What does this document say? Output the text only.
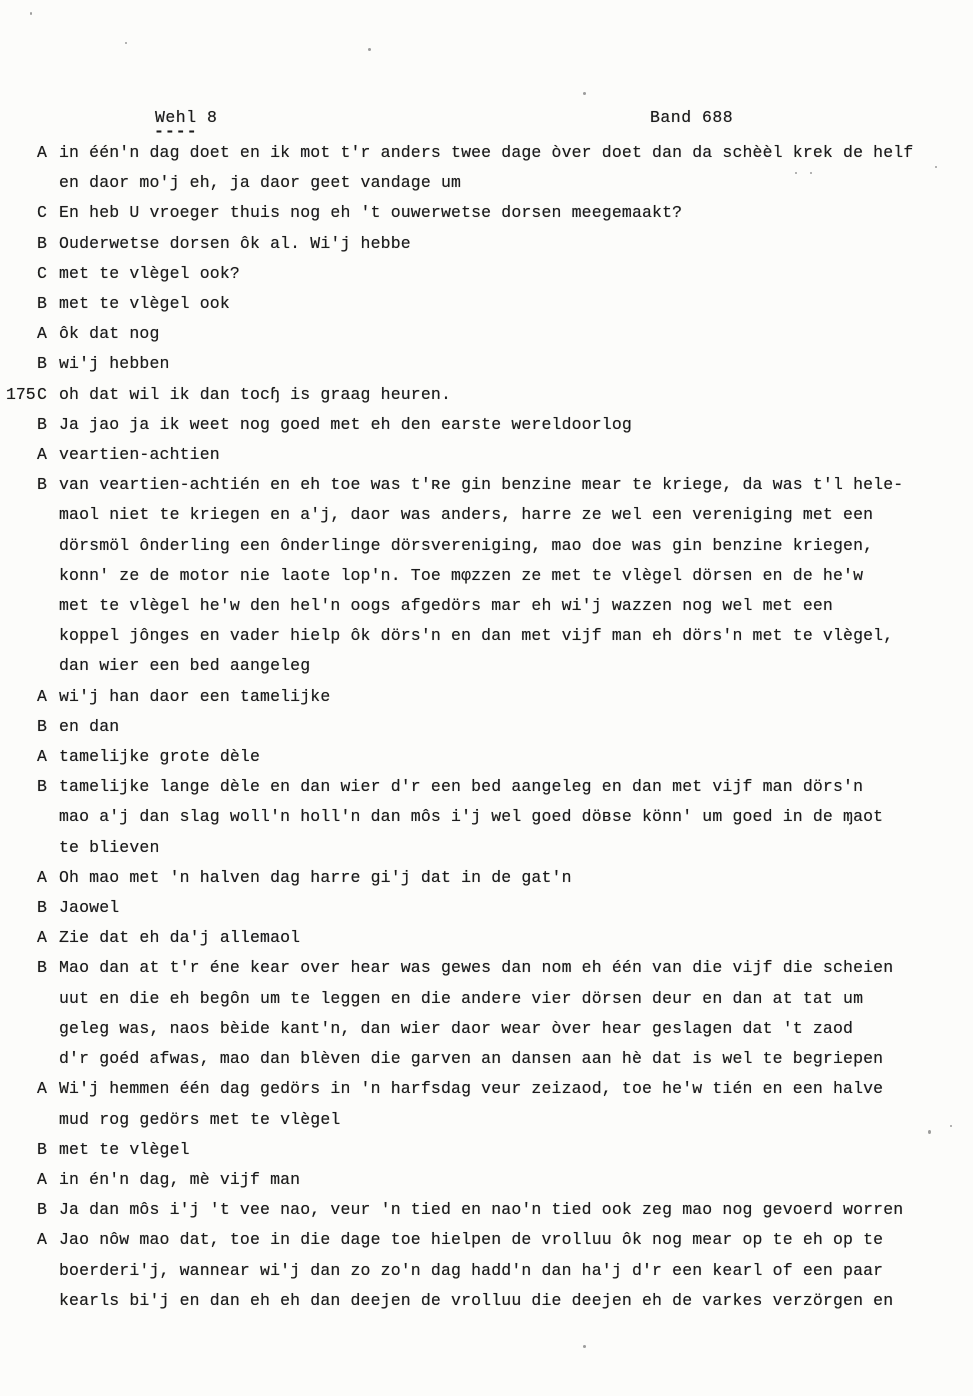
Wehl 8
----
Band 688
A in één'n dag doet en ik mot t'r anders twee dage òver doet dan da schèèl krek de helf
en daor mo'j eh, ja daor geet vandage um
C En heb U vroeger thuis nog eh 't ouwerwetse dorsen meegemaakt?
B Ouderwetse dorsen ôk al. Wi'j hebbe
C met te vlègel ook?
B met te vlègel ook
A ôk dat nog
B wi'j hebben
175 C oh dat wil ik dan tocɧ is graag heuren.
B Ja jao ja ik weet nog goed met eh den earste wereldoorlog
A veartien-achtien
B van veartien-achtién en eh toe was t'ʀe gin benzine mear te kriege, da was t'l hele-
maol niet te kriegen en a'j, daor was anders, harre ze wel een vereniging met een
dörsmöl ônderling een ônderlinge dörsvereniging, mao doe was gin benzine kriegen,
konn' ze de motor nie laote lop'n. Toe mφzzen ze met te vlègel dörsen en de he'w
met te vlègel he'w den hel'n oogs afgedörs mar eh wi'j wazzen nog wel met een
koppel jônges en vader hielp ôk dörs'n en dan met vijf man eh dörs'n met te vlègel,
dan wier een bed aangeleg
A wi'j han daor een tamelijke
B en dan
A tamelijke grote dèle
B tamelijke lange dèle en dan wier d'r een bed aangeleg en dan met vijf man dörs'n
mao a'j dan slag woll'n holl'n dan môs i'j wel goed döʙse könn' um goed in de ɱaot
te blieven
A Oh mao met 'n halven dag harre gi'j dat in de gat'n
B Jaowel
A Zie dat eh da'j allemaol
B Mao dan at t'r éne kear over hear was gewes dan nom eh één van die vijf die scheien
uut en die eh begôn um te leggen en die andere vier dörsen deur en dan at tat um
geleg was, naos bèide kant'n, dan wier daor wear òver hear geslagen dat 't zaod
d'r goéd afwas, mao dan blèven die garven an dansen aan hè dat is wel te begriepen
A Wi'j hemmen één dag gedörs in 'n harfsdag veur zeizaod, toe he'w tién en een halve
mud rog gedörs met te vlègel
B met te vlègel
A in én'n dag, mè vijf man
B Ja dan môs i'j 't vee nao, veur 'n tied en nao'n tied ook zeg mao nog gevoerd worren
A Jao nôw mao dat, toe in die dage toe hielpen de vrolluu ôk nog mear op te eh op te
boerderi'j, wannear wi'j dan zo zo'n dag hadd'n dan ha'j d'r een kearl of een paar
kearls bi'j en dan eh eh dan deejen de vrolluu die deejen eh de varkes verzörgen en
